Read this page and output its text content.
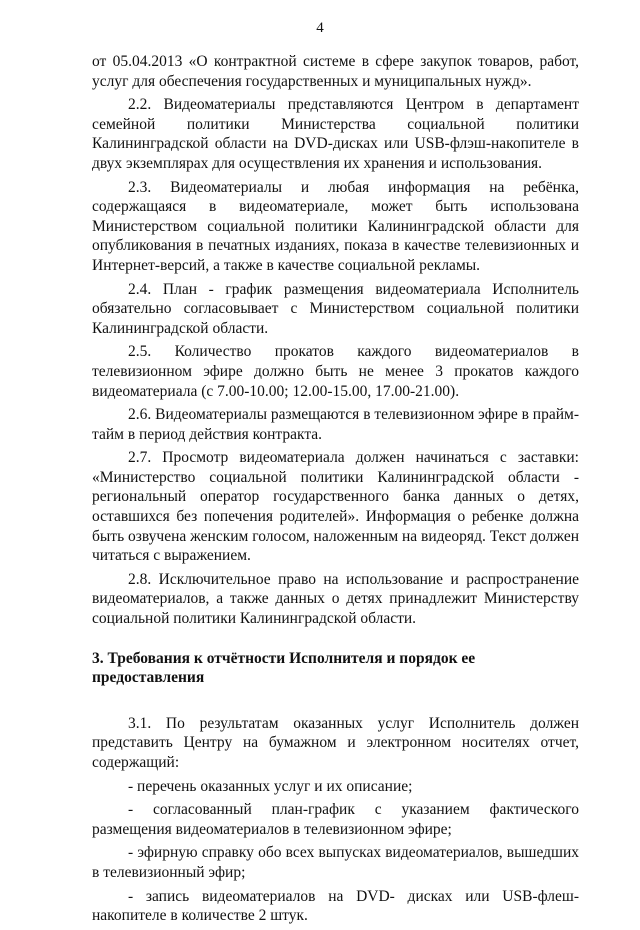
4

от 05.04.2013 «О контрактной системе в сфере закупок товаров, работ, услуг для обеспечения государственных и муниципальных нужд».

2.2. Видеоматериалы представляются Центром в департамент семейной политики Министерства социальной политики Калининградской области на DVD-дисках или USB-флэш-накопителе в двух экземплярах для осуществления их хранения и использования.

2.3. Видеоматериалы и любая информация на ребёнка, содержащаяся в видеоматериале, может быть использована Министерством социальной политики Калининградской области для опубликования в печатных изданиях, показа в качестве телевизионных и Интернет-версий, а также в качестве социальной рекламы.

2.4. План - график размещения видеоматериала Исполнитель обязательно согласовывает с Министерством социальной политики Калининградской области.

2.5. Количество прокатов каждого видеоматериалов в телевизионном эфире должно быть не менее 3 прокатов каждого видеоматериала (с 7.00-10.00; 12.00-15.00, 17.00-21.00).

2.6. Видеоматериалы размещаются в телевизионном эфире в прайм-тайм в период действия контракта.

2.7. Просмотр видеоматериала должен начинаться с заставки: «Министерство социальной политики Калининградской области - региональный оператор государственного банка данных о детях, оставшихся без попечения родителей». Информация о ребенке должна быть озвучена женским голосом, наложенным на видеоряд. Текст должен читаться с выражением.

2.8. Исключительное право на использование и распространение видеоматериалов, а также данных о детях принадлежит Министерству социальной политики Калининградской области.

3. Требования к отчётности Исполнителя и порядок ее предоставления

3.1. По результатам оказанных услуг Исполнитель должен представить Центру на бумажном и электронном носителях отчет, содержащий:

- перечень оказанных услуг и их описание;

- согласованный план-график с указанием фактического размещения видеоматериалов в телевизионном эфире;

- эфирную справку обо всех выпусках видеоматериалов, вышедших в телевизионный эфир;

- запись видеоматериалов на DVD- дисках или USB-флеш-накопителе в количестве 2 штук.
